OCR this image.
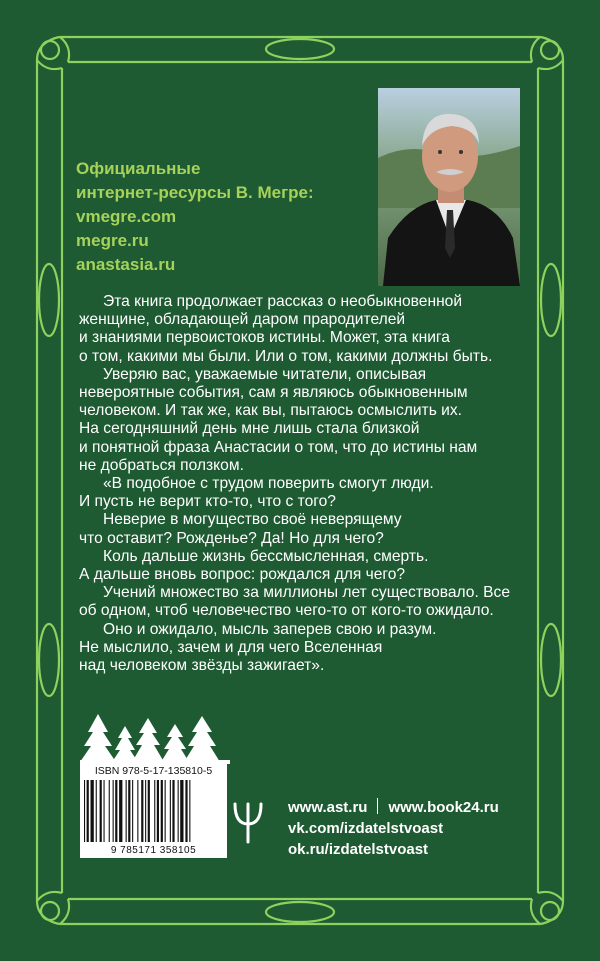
Официальные
интернет-ресурсы В. Мегре:
vmegre.com
megre.ru
anastasia.ru
Эта книга продолжает рассказ о необыкновенной
женщине, обладающей даром прародителей
и знаниями первоистоков истины. Может, эта книга
о том, какими мы были. Или о том, какими должны быть.
Уверяю вас, уважаемые читатели, описывая
невероятные события, сам я являюсь обыкновенным
человеком. И так же, как вы, пытаюсь осмыслить их.
На сегодняшний день мне лишь стала близкой
и понятной фраза Анастасии о том, что до истины нам
не добраться ползком.
«В подобное с трудом поверить смогут люди.
И пусть не верит кто-то, что с того?
Неверие в могущество своё неверящему
что оставит? Рожденье? Да! Но для чего?
Коль дальше жизнь бессмысленная, смерть.
А дальше вновь вопрос: рождался для чего?
Учений множество за миллионы лет существовало. Все
об одном, чтоб человечество чего-то от кого-то ожидало.
Оно и ожидало, мысль заперев свою и разум.
Не мыслило, зачем и для чего Вселенная
над человеком звёзды зажигает».
ISBN 978-5-17-135810-5
9 785171 358105
www.ast.ru www.book24.ru
vk.com/izdatelstvoast
ok.ru/izdatelstvoast
